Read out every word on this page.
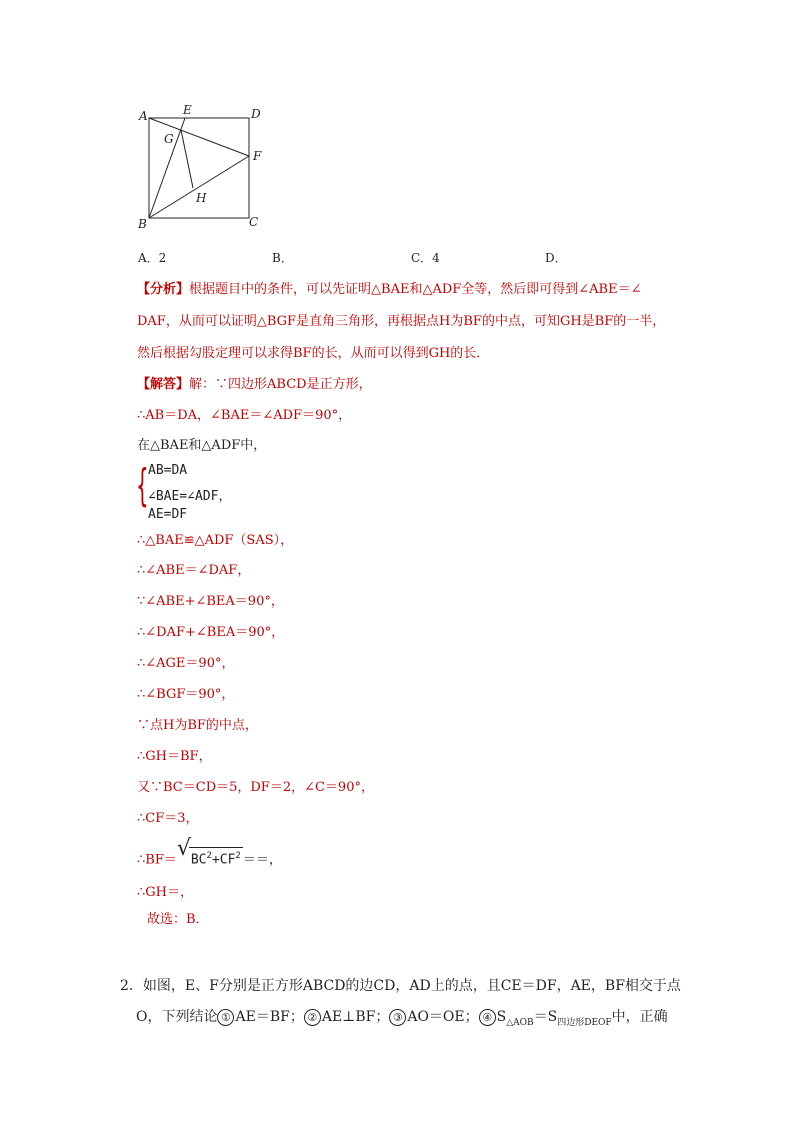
A	E	D
G
F
H
B	C
A．2	B．	C．4	D．
【分析】根据题目中的条件，可以先证明△BAE和△ADF全等，然后即可得到∠ABE＝∠
DAF，从而可以证明△BGF是直角三角形，再根据点H为BF的中点，可知GH是BF的一半，
然后根据勾股定理可以求得BF的长，从而可以得到GH的长．
【解答】解：∵四边形ABCD是正方形，
∴AB＝DA，∠BAE＝∠ADF＝90°，
在△BAE和△ADF中，
{ AB=DA
∠BAE=∠ADF，
AE=DF
∴△BAE≌△ADF（SAS），
∴∠ABE＝∠DAF，
∵∠ABE+∠BEA＝90°，
∴∠DAF+∠BEA＝90°，
∴∠AGE＝90°，
∴∠BGF＝90°，
∵点H为BF的中点，
∴GH＝BF，
又∵BC＝CD＝5，DF＝2，∠C＝90°，
∴CF＝3，
∴BF＝ √ $BC^2+CF^2$ ＝＝，
∴GH＝，
故选：B．
2．如图，E、F分别是正方形ABCD的边CD，AD上的点，且CE＝DF，AE，BF相交于点
O，下列结论 ① AE＝BF； ② AE⊥BF； ③ AO＝OE； ④ $S_{\triangle AOB}=S_{四边形DEOF}$中，正确
